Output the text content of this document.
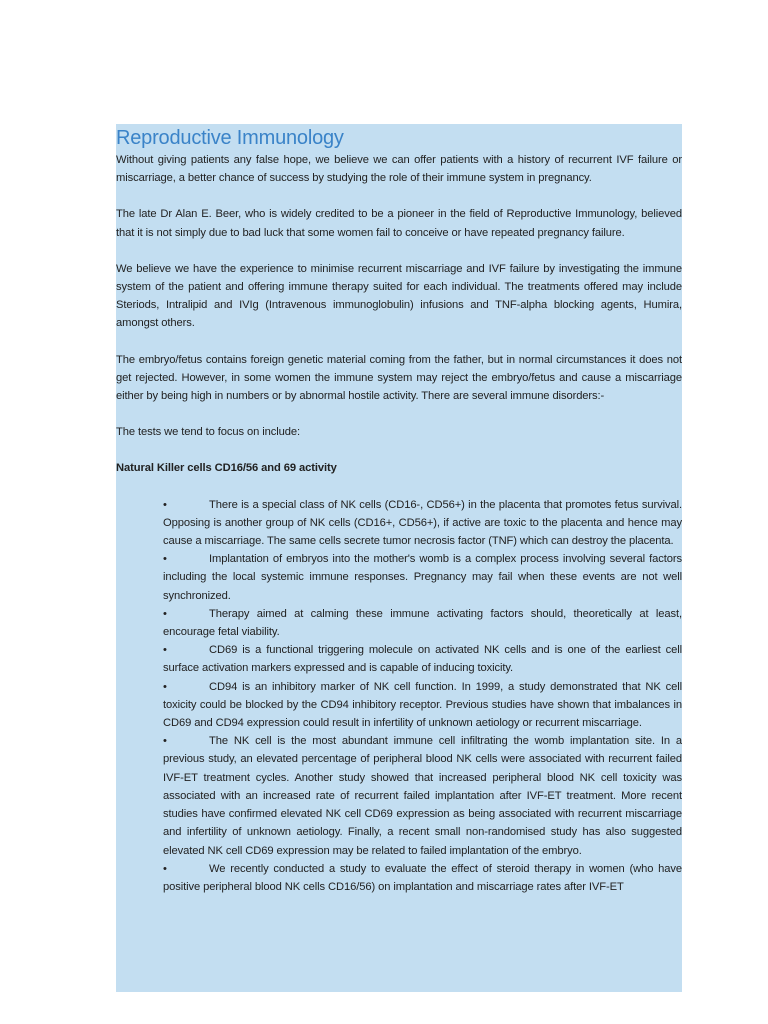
Reproductive Immunology

Without giving patients any false hope, we believe we can offer patients with a history of recurrent IVF failure or miscarriage, a better chance of success by studying the role of their immune system in pregnancy.

The late Dr Alan E. Beer, who is widely credited to be a pioneer in the field of Reproductive Immunology, believed that it is not simply due to bad luck that some women fail to conceive or have repeated pregnancy failure.

We believe we have the experience to minimise recurrent miscarriage and IVF failure by investigating the immune system of the patient and offering immune therapy suited for each individual. The treatments offered may include Steriods, Intralipid and IVIg (Intravenous immunoglobulin) infusions and TNF-alpha blocking agents, Humira, amongst others.

The embryo/fetus contains foreign genetic material coming from the father, but in normal circumstances it does not get rejected. However, in some women the immune system may reject the embryo/fetus and cause a miscarriage either by being high in numbers or by abnormal hostile activity. There are several immune disorders:-

The tests we tend to focus on include:

Natural Killer cells CD16/56 and 69 activity

•	There is a special class of NK cells (CD16-, CD56+) in the placenta that promotes fetus survival. Opposing is another group of NK cells (CD16+, CD56+), if active are toxic to the placenta and hence may cause a miscarriage. The same cells secrete tumor necrosis factor (TNF) which can destroy the placenta.
•	Implantation of embryos into the mother's womb is a complex process involving several factors including the local systemic immune responses. Pregnancy may fail when these events are not well synchronized.
•	Therapy aimed at calming these immune activating factors should, theoretically at least, encourage fetal viability.
•	CD69 is a functional triggering molecule on activated NK cells and is one of the earliest cell surface activation markers expressed and is capable of inducing toxicity.
•	CD94 is an inhibitory marker of NK cell function. In 1999, a study demonstrated that NK cell toxicity could be blocked by the CD94 inhibitory receptor. Previous studies have shown that imbalances in CD69 and CD94 expression could result in infertility of unknown aetiology or recurrent miscarriage.
•	The NK cell is the most abundant immune cell infiltrating the womb implantation site. In a previous study, an elevated percentage of peripheral blood NK cells were associated with recurrent failed IVF-ET treatment cycles. Another study showed that increased peripheral blood NK cell toxicity was associated with an increased rate of recurrent failed implantation after IVF-ET treatment. More recent studies have confirmed elevated NK cell CD69 expression as being associated with recurrent miscarriage and infertility of unknown aetiology. Finally, a recent small non-randomised study has also suggested elevated NK cell CD69 expression may be related to failed implantation of the embryo.
•	We recently conducted a study to evaluate the effect of steroid therapy in women (who have positive peripheral blood NK cells CD16/56) on implantation and miscarriage rates after IVF-ET
